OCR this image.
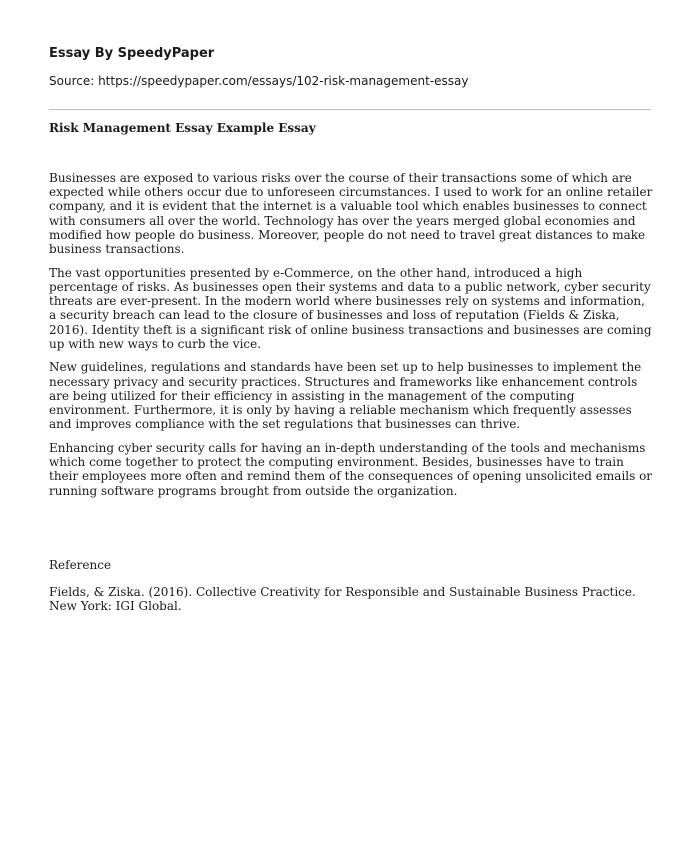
Essay By SpeedyPaper

Source: https://speedypaper.com/essays/102-risk-management-essay

Risk Management Essay Example Essay

Businesses are exposed to various risks over the course of their transactions some of which are expected while others occur due to unforeseen circumstances. I used to work for an online retailer company, and it is evident that the internet is a valuable tool which enables businesses to connect with consumers all over the world. Technology has over the years merged global economies and modified how people do business. Moreover, people do not need to travel great distances to make business transactions.

The vast opportunities presented by e-Commerce, on the other hand, introduced a high percentage of risks. As businesses open their systems and data to a public network, cyber security threats are ever-present. In the modern world where businesses rely on systems and information, a security breach can lead to the closure of businesses and loss of reputation (Fields & Ziska, 2016). Identity theft is a significant risk of online business transactions and businesses are coming up with new ways to curb the vice.

New guidelines, regulations and standards have been set up to help businesses to implement the necessary privacy and security practices. Structures and frameworks like enhancement controls are being utilized for their efficiency in assisting in the management of the computing environment. Furthermore, it is only by having a reliable mechanism which frequently assesses and improves compliance with the set regulations that businesses can thrive.

Enhancing cyber security calls for having an in-depth understanding of the tools and mechanisms which come together to protect the computing environment. Besides, businesses have to train their employees more often and remind them of the consequences of opening unsolicited emails or running software programs brought from outside the organization.

Reference

Fields, & Ziska. (2016). Collective Creativity for Responsible and Sustainable Business Practice. New York: IGI Global.
